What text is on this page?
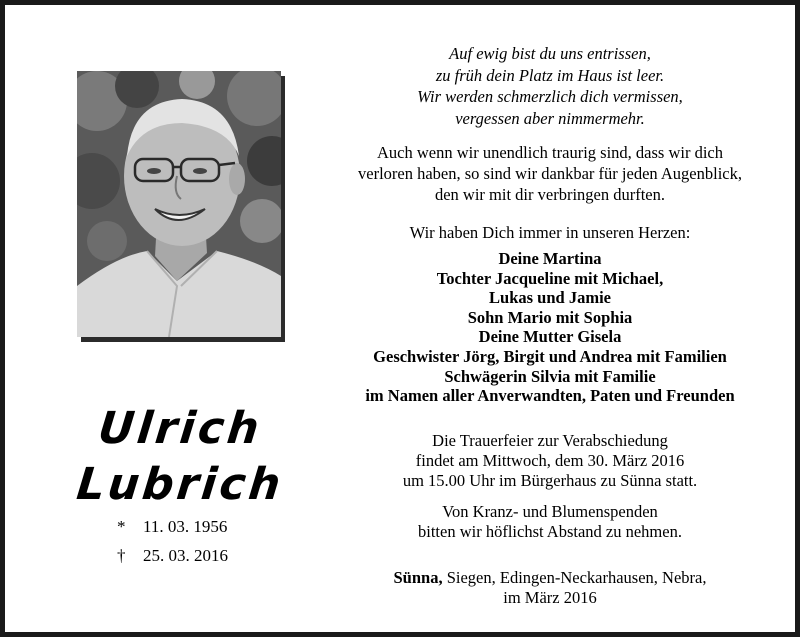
Ulrich
Lubrich
* 11. 03. 1956
† 25. 03. 2016
Auf ewig bist du uns entrissen,
zu früh dein Platz im Haus ist leer.
Wir werden schmerzlich dich vermissen,
vergessen aber nimmermehr.
Auch wenn wir unendlich traurig sind, dass wir dich
verloren haben, so sind wir dankbar für jeden Augenblick,
den wir mit dir verbringen durften.
Wir haben Dich immer in unseren Herzen:
Deine Martina
Tochter Jacqueline mit Michael,
Lukas und Jamie
Sohn Mario mit Sophia
Deine Mutter Gisela
Geschwister Jörg, Birgit und Andrea mit Familien
Schwägerin Silvia mit Familie
im Namen aller Anverwandten, Paten und Freunden
Die Trauerfeier zur Verabschiedung
findet am Mittwoch, dem 30. März 2016
um 15.00 Uhr im Bürgerhaus zu Sünna statt.
Von Kranz- und Blumenspenden
bitten wir höflichst Abstand zu nehmen.
Sünna, Siegen, Edingen-Neckarhausen, Nebra,
im März 2016
